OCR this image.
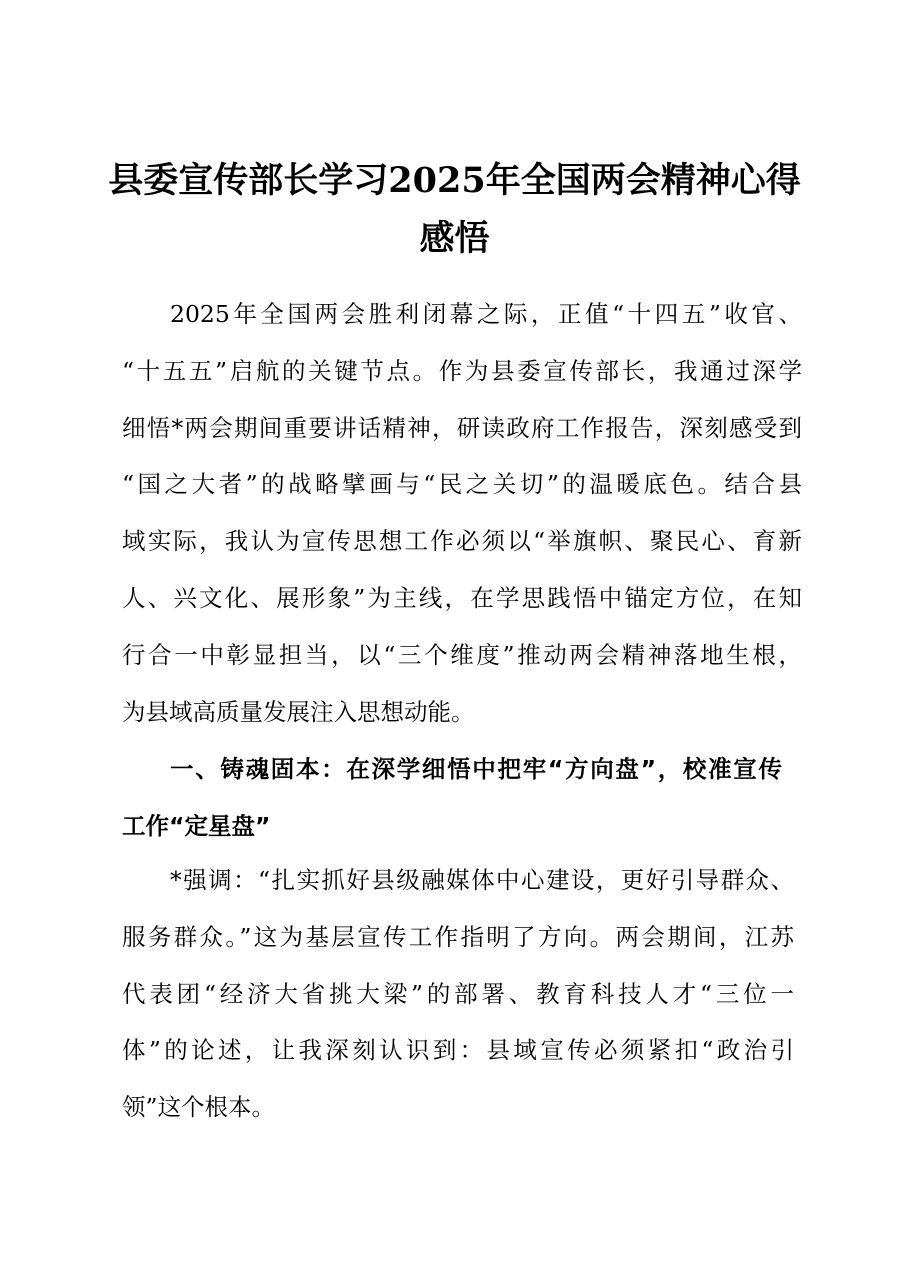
县委宣传部长学习2025年全国两会精神心得
感悟
2025年全国两会胜利闭幕之际，正值“十四五”收官、
“十五五”启航的关键节点。作为县委宣传部长，我通过深学
细悟*两会期间重要讲话精神，研读政府工作报告，深刻感受到
“国之大者”的战略擘画与“民之关切”的温暖底色。结合县
域实际，我认为宣传思想工作必须以“举旗帜、聚民心、育新
人、兴文化、展形象”为主线，在学思践悟中锚定方位，在知
行合一中彰显担当，以“三个维度”推动两会精神落地生根，
为县域高质量发展注入思想动能。
一、铸魂固本：在深学细悟中把牢“方向盘”，校准宣传
工作“定星盘”
*强调：“扎实抓好县级融媒体中心建设，更好引导群众、
服务群众。”这为基层宣传工作指明了方向。两会期间，江苏
代表团“经济大省挑大梁”的部署、教育科技人才“三位一
体”的论述，让我深刻认识到：县域宣传必须紧扣“政治引
领”这个根本。
